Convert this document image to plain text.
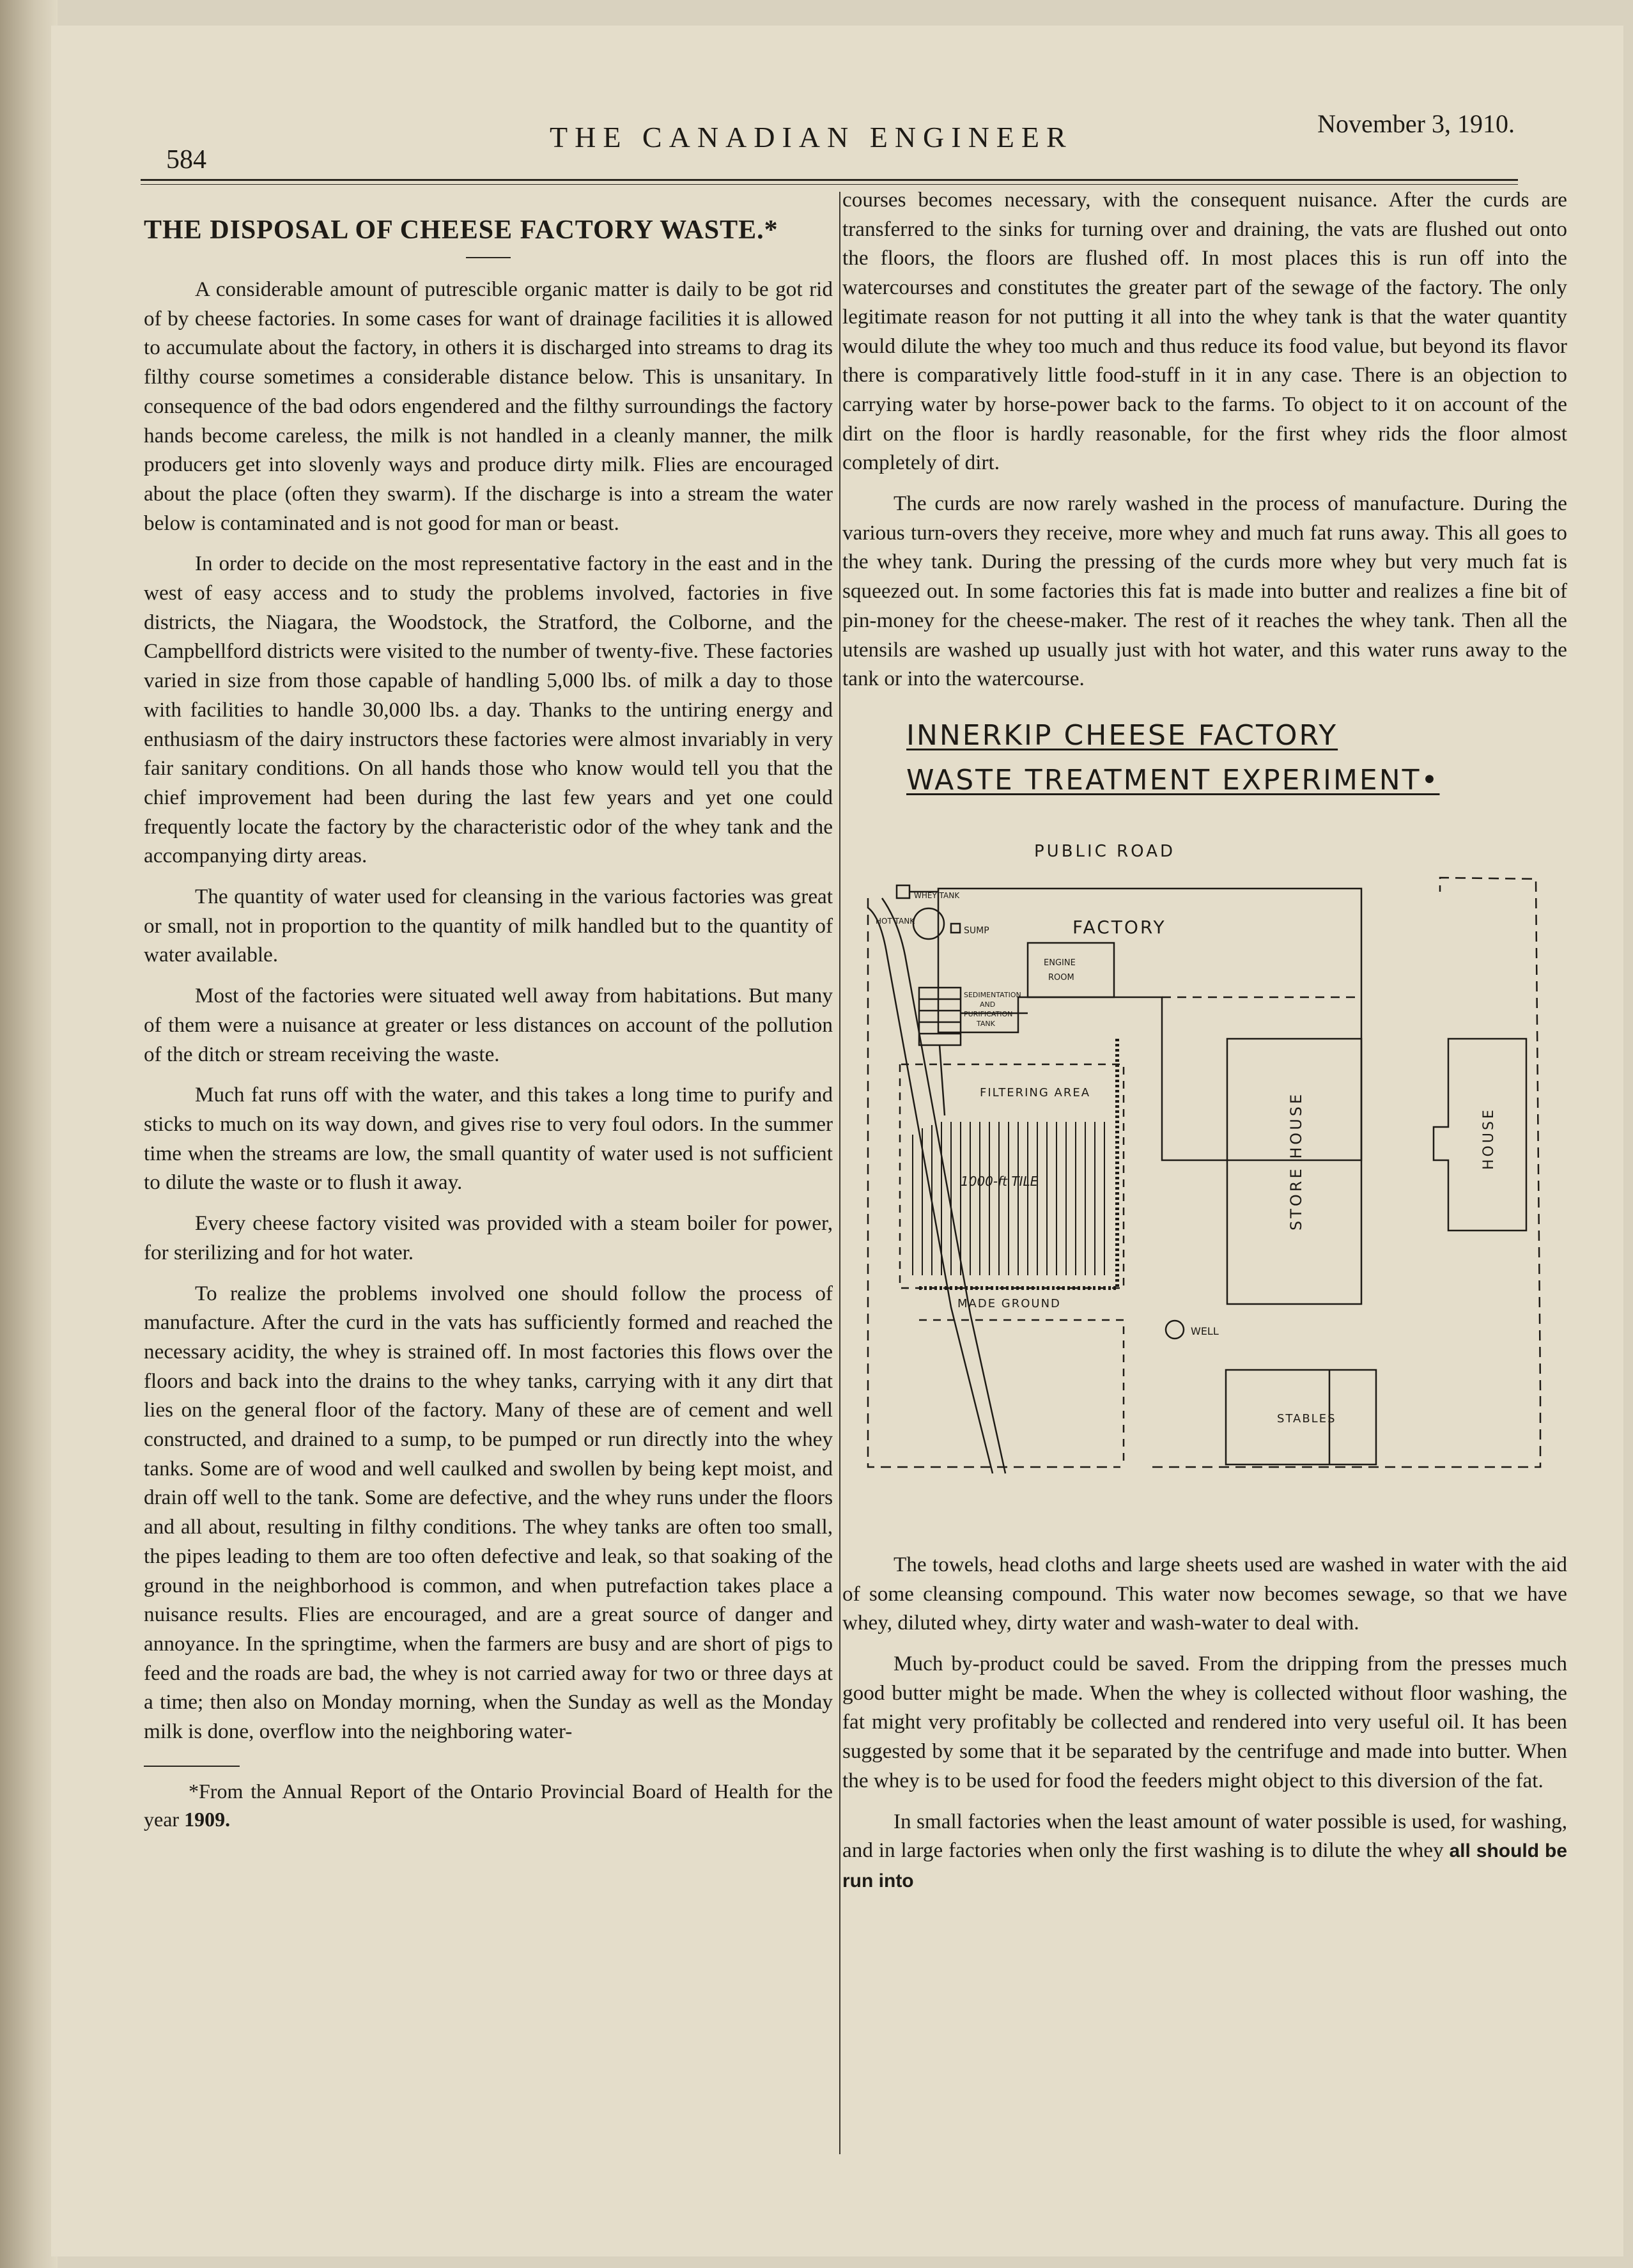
584
THE CANADIAN ENGINEER	November 3, 1910.
THE DISPOSAL OF CHEESE FACTORY WASTE.*

A considerable amount of putrescible organic matter is daily to be got rid of by cheese factories. In some cases for want of drainage facilities it is allowed to accumulate about the factory, in others it is discharged into streams to drag its filthy course sometimes a considerable distance below. This is unsanitary. In consequence of the bad odors engendered and the filthy surroundings the factory hands become careless, the milk is not handled in a cleanly manner, the milk producers get into slovenly ways and produce dirty milk. Flies are encouraged about the place (often they swarm). If the discharge is into a stream the water below is contaminated and is not good for man or beast.

In order to decide on the most representative factory in the east and in the west of easy access and to study the problems involved, factories in five districts, the Niagara, the Woodstock, the Stratford, the Colborne, and the Campbellford districts were visited to the number of twenty-five. These factories varied in size from those capable of handling 5,000 lbs. of milk a day to those with facilities to handle 30,000 lbs. a day. Thanks to the untiring energy and enthusiasm of the dairy instructors these factories were almost invariably in very fair sanitary conditions. On all hands those who know would tell you that the chief improvement had been during the last few years and yet one could frequently locate the factory by the characteristic odor of the whey tank and the accompanying dirty areas.

The quantity of water used for cleansing in the various factories was great or small, not in proportion to the quantity of milk handled but to the quantity of water available.

Most of the factories were situated well away from habitations. But many of them were a nuisance at greater or less distances on account of the pollution of the ditch or stream receiving the waste.

Much fat runs off with the water, and this takes a long time to purify and sticks to much on its way down, and gives rise to very foul odors. In the summer time when the streams are low, the small quantity of water used is not sufficient to dilute the waste or to flush it away.

Every cheese factory visited was provided with a steam boiler for power, for sterilizing and for hot water.

To realize the problems involved one should follow the process of manufacture. After the curd in the vats has sufficiently formed and reached the necessary acidity, the whey is strained off. In most factories this flows over the floors and back into the drains to the whey tanks, carrying with it any dirt that lies on the general floor of the factory. Many of these are of cement and well constructed, and drained to a sump, to be pumped or run directly into the whey tanks. Some are of wood and well caulked and swollen by being kept moist, and drain off well to the tank. Some are defective, and the whey runs under the floors and all about, resulting in filthy conditions. The whey tanks are often too small, the pipes leading to them are too often defective and leak, so that soaking of the ground in the neighborhood is common, and when putrefaction takes place a nuisance results. Flies are encouraged, and are a great source of danger and annoyance. In the springtime, when the farmers are busy and are short of pigs to feed and the roads are bad, the whey is not carried away for two or three days at a time; then also on Monday morning, when the Sunday as well as the Monday milk is done, overflow into the neighboring water-

*From the Annual Report of the Ontario Provincial Board of Health for the year 1909.

courses becomes necessary, with the consequent nuisance. After the curds are transferred to the sinks for turning over and draining, the vats are flushed out onto the floors, the floors are flushed off. In most places this is run off into the watercourses and constitutes the greater part of the sewage of the factory. The only legitimate reason for not putting it all into the whey tank is that the water quantity would dilute the whey too much and thus reduce its food value, but beyond its flavor there is comparatively little food-stuff in it in any case. There is an objection to carrying water by horse-power back to the farms. To object to it on account of the dirt on the floor is hardly reasonable, for the first whey rids the floor almost completely of dirt.

The curds are now rarely washed in the process of manufacture. During the various turn-overs they receive, more whey and much fat runs away. This all goes to the whey tank. During the pressing of the curds more whey but very much fat is squeezed out. In some factories this fat is made into butter and realizes a fine bit of pin-money for the cheese-maker. The rest of it reaches the whey tank. Then all the utensils are washed up usually just with hot water, and this water runs away to the tank or into the watercourse.

INNERKIP CHEESE FACTORY
WASTE TREATMENT EXPERIMENT•
PUBLIC ROAD
FACTORY
WHEY TANK
HOT TANK
SUMP
ENGINE
ROOM
SEDIMENTATION
AND
PURIFICATION
TANK
FILTERING AREA
1000-ft TILE
MADE GROUND
WELL
STABLES
STORE HOUSE	HOUSE

The towels, head cloths and large sheets used are washed in water with the aid of some cleansing compound. This water now becomes sewage, so that we have whey, diluted whey, dirty water and wash-water to deal with.

Much by-product could be saved. From the dripping from the presses much good butter might be made. When the whey is collected without floor washing, the fat might very profitably be collected and rendered into very useful oil. It has been suggested by some that it be separated by the centrifuge and made into butter. When the whey is to be used for food the feeders might object to this diversion of the fat.

In small factories when the least amount of water possible is used, for washing, and in large factories when only the first washing is to dilute the whey all should be run into
